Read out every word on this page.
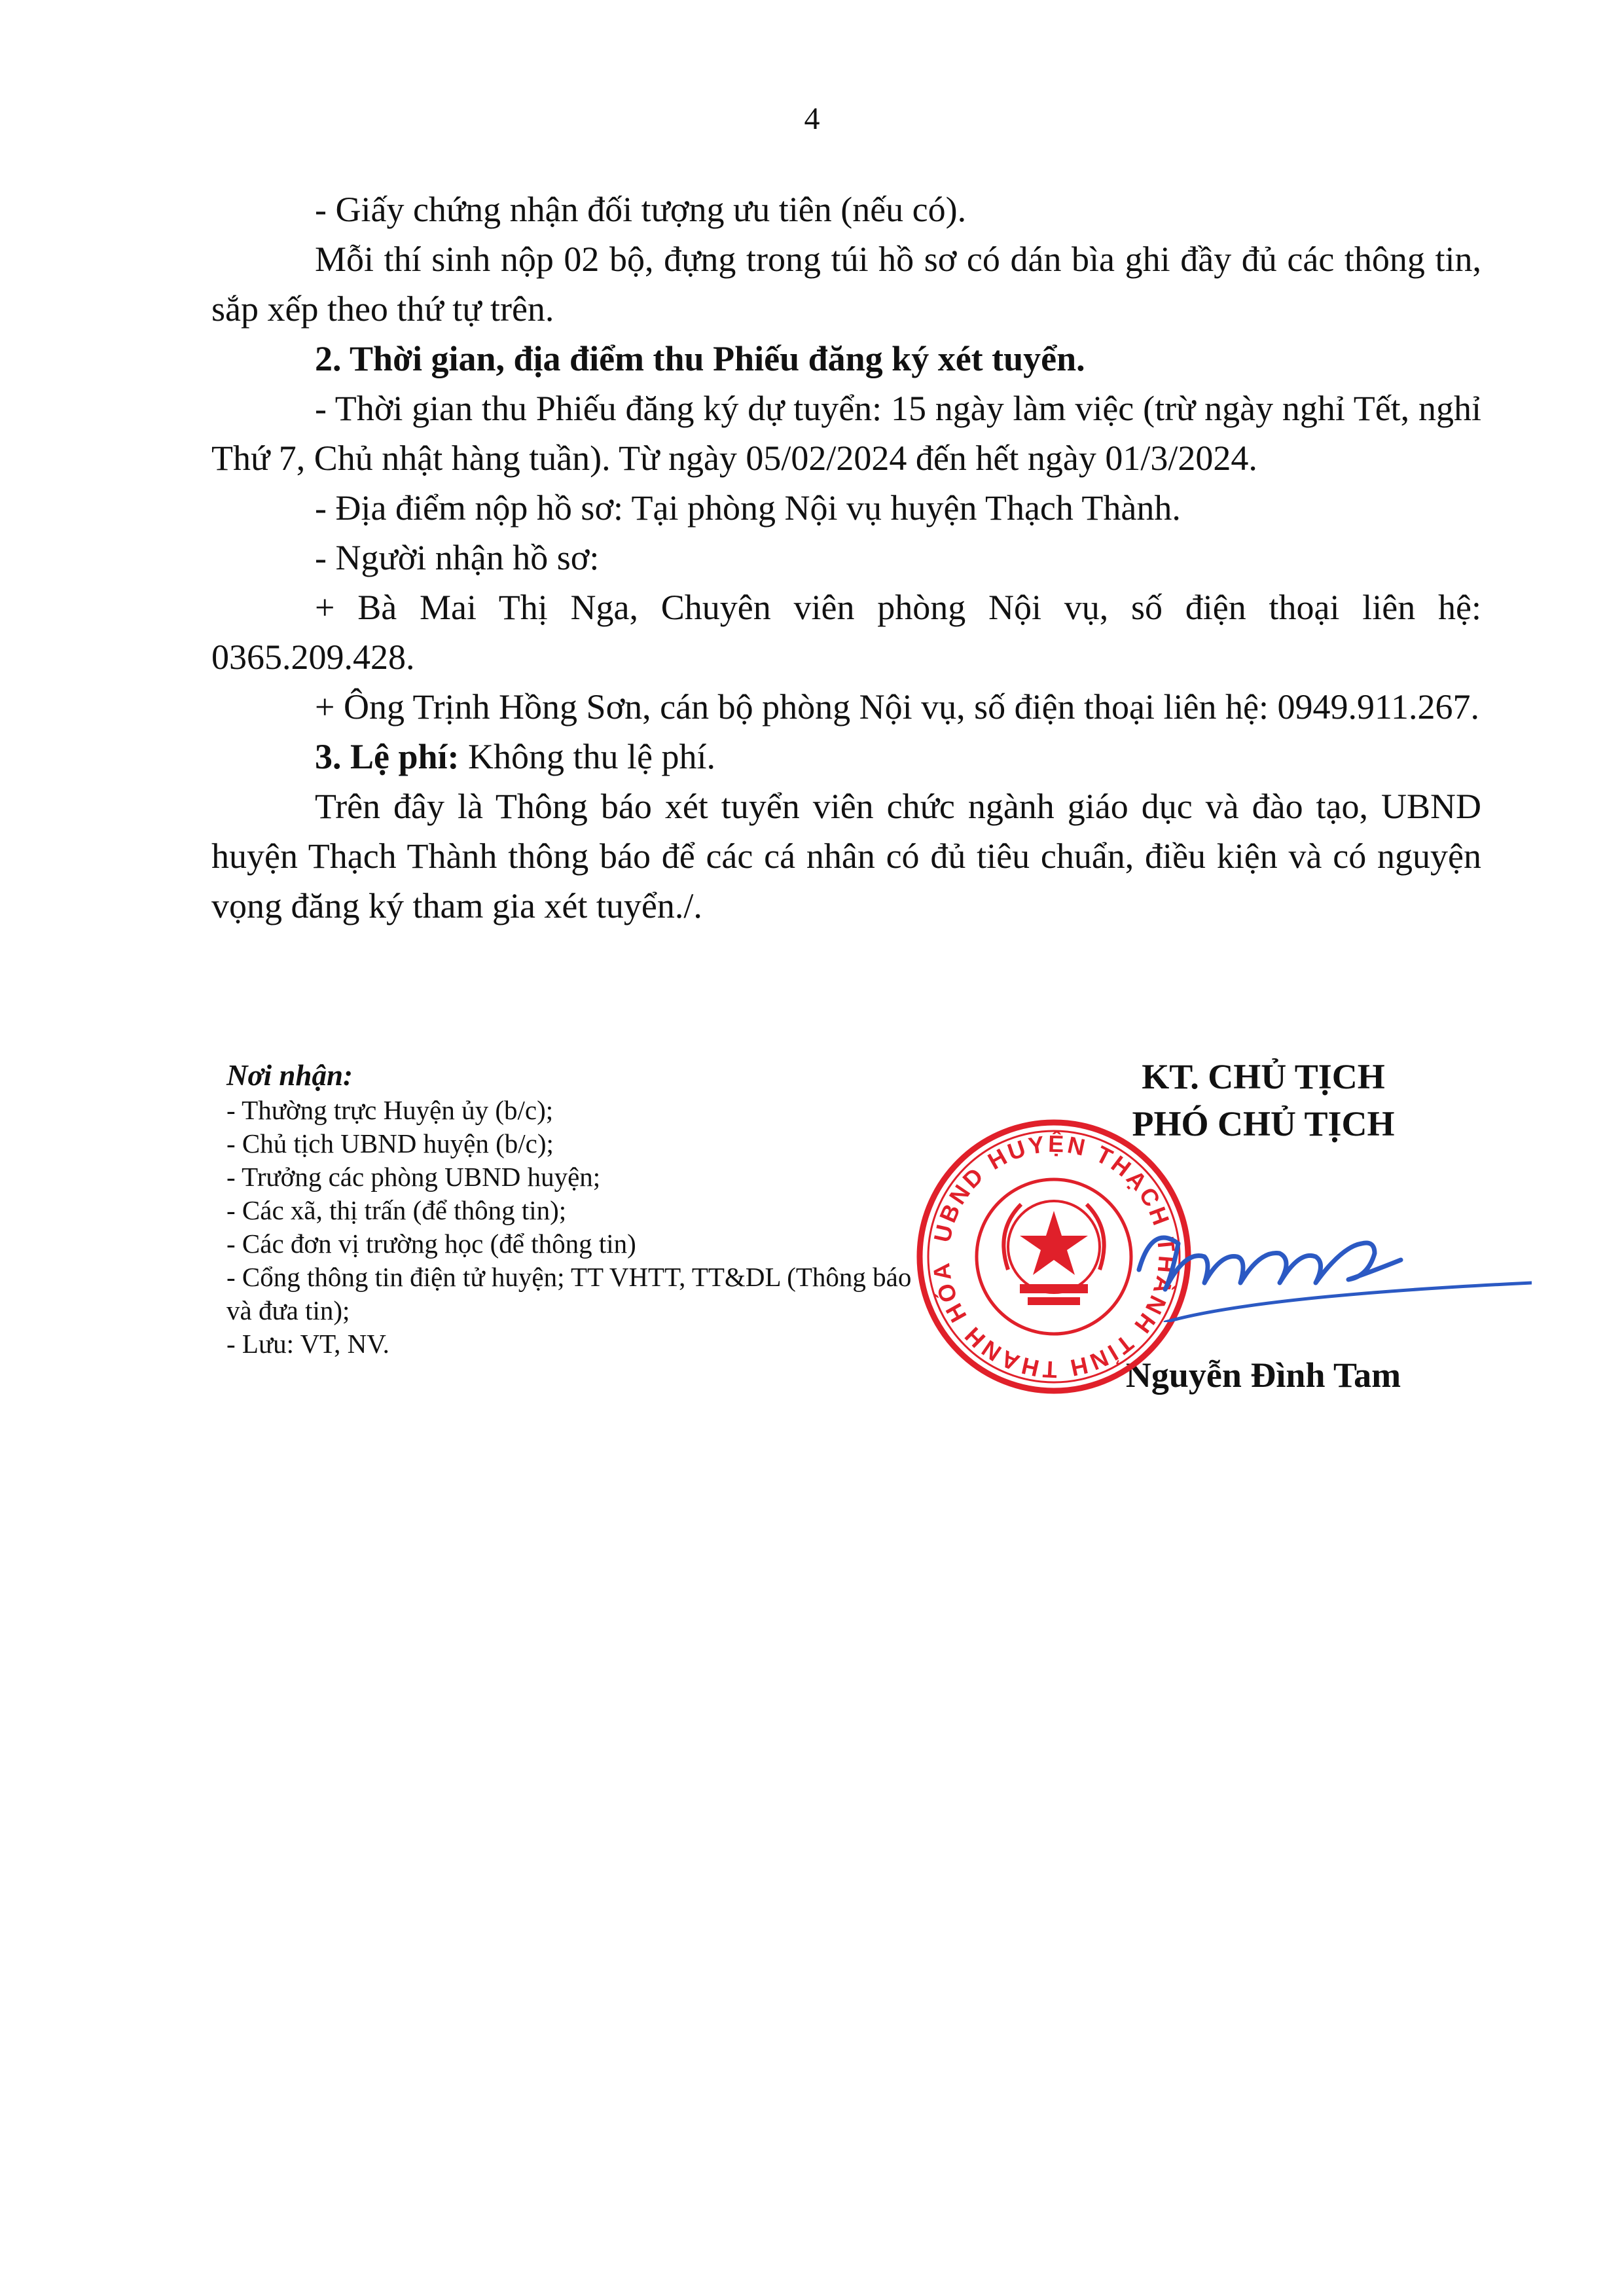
4

- Giấy chứng nhận đối tượng ưu tiên (nếu có).

Mỗi thí sinh nộp 02 bộ, đựng trong túi hồ sơ có dán bìa ghi đầy đủ các thông tin, sắp xếp theo thứ tự trên.

2. Thời gian, địa điểm thu Phiếu đăng ký xét tuyển.

- Thời gian thu Phiếu đăng ký dự tuyển: 15 ngày làm việc (trừ ngày nghỉ Tết, nghỉ Thứ 7, Chủ nhật hàng tuần). Từ ngày 05/02/2024 đến hết ngày 01/3/2024.

- Địa điểm nộp hồ sơ: Tại phòng Nội vụ huyện Thạch Thành.

- Người nhận hồ sơ:

+ Bà Mai Thị Nga, Chuyên viên phòng Nội vụ, số điện thoại liên hệ: 0365.209.428.

+ Ông Trịnh Hồng Sơn, cán bộ phòng Nội vụ, số điện thoại liên hệ: 0949.911.267.

3. Lệ phí: Không thu lệ phí.

Trên đây là Thông báo xét tuyển viên chức ngành giáo dục và đào tạo, UBND huyện Thạch Thành thông báo để các cá nhân có đủ tiêu chuẩn, điều kiện và có nguyện vọng đăng ký tham gia xét tuyển./.

Nơi nhận:
- Thường trực Huyện ủy (b/c);
- Chủ tịch UBND huyện (b/c);
- Trưởng các phòng UBND huyện;
- Các xã, thị trấn (để thông tin);
- Các đơn vị trường học (để thông tin)
- Cổng thông tin điện tử huyện; TT VHTT, TT&DL (Thông báo và đưa tin);
- Lưu: VT, NV.
KT. CHỦ TỊCH
PHÓ CHỦ TỊCH
Nguyễn Đình Tam
UBND HUYỆN THẠCH THÀNH TỈNH THANH HÓA
